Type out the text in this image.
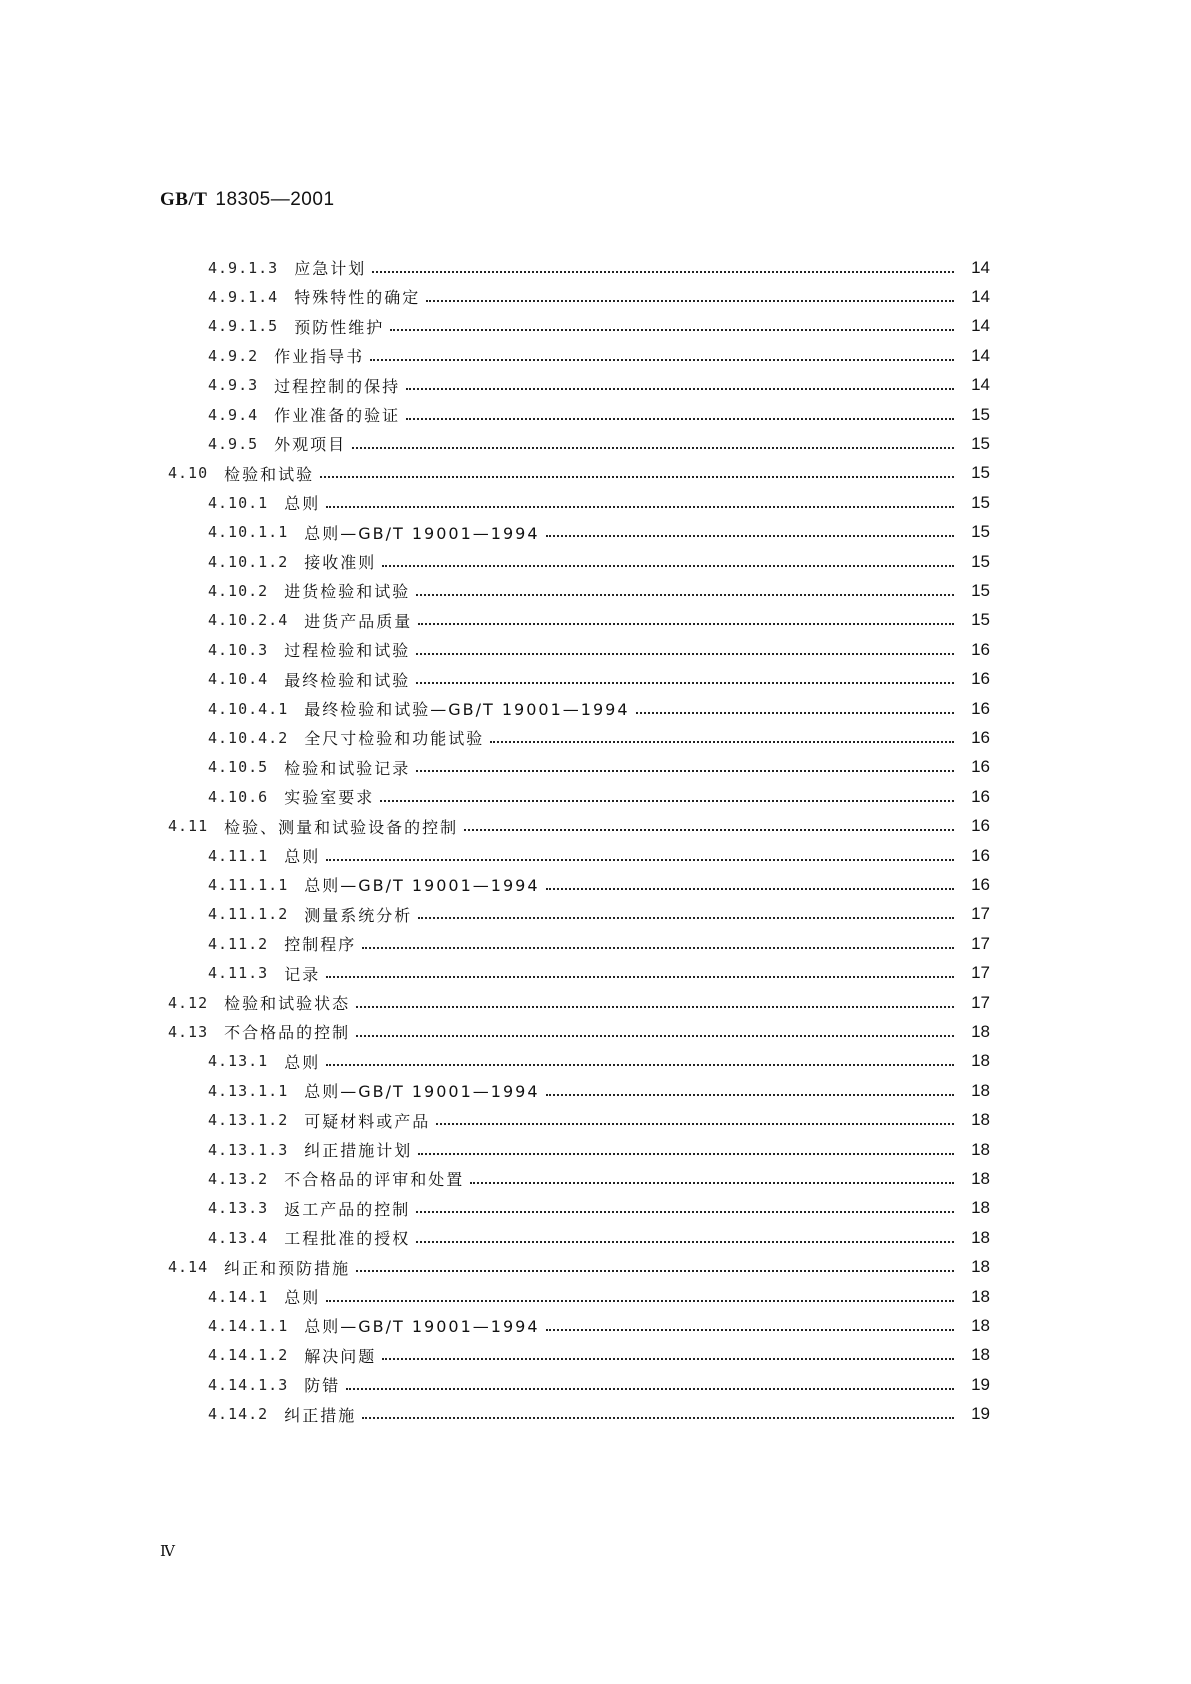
GB/T 18305—2001
4.9.1.3 应急计划	14
4.9.1.4 特殊特性的确定	14
4.9.1.5 预防性维护	14
4.9.2 作业指导书	14
4.9.3 过程控制的保持	14
4.9.4 作业准备的验证	15
4.9.5 外观项目	15
4.10 检验和试验	15
4.10.1 总则	15
4.10.1.1 总则—GB/T 19001—1994	15
4.10.1.2 接收准则	15
4.10.2 进货检验和试验	15
4.10.2.4 进货产品质量	15
4.10.3 过程检验和试验	16
4.10.4 最终检验和试验	16
4.10.4.1 最终检验和试验—GB/T 19001—1994	16
4.10.4.2 全尺寸检验和功能试验	16
4.10.5 检验和试验记录	16
4.10.6 实验室要求	16
4.11 检验、测量和试验设备的控制	16
4.11.1 总则	16
4.11.1.1 总则—GB/T 19001—1994	16
4.11.1.2 测量系统分析	17
4.11.2 控制程序	17
4.11.3 记录	17
4.12 检验和试验状态	17
4.13 不合格品的控制	18
4.13.1 总则	18
4.13.1.1 总则—GB/T 19001—1994	18
4.13.1.2 可疑材料或产品	18
4.13.1.3 纠正措施计划	18
4.13.2 不合格品的评审和处置	18
4.13.3 返工产品的控制	18
4.13.4 工程批准的授权	18
4.14 纠正和预防措施	18
4.14.1 总则	18
4.14.1.1 总则—GB/T 19001—1994	18
4.14.1.2 解决问题	18
4.14.1.3 防错	19
4.14.2 纠正措施	19
Ⅳ
